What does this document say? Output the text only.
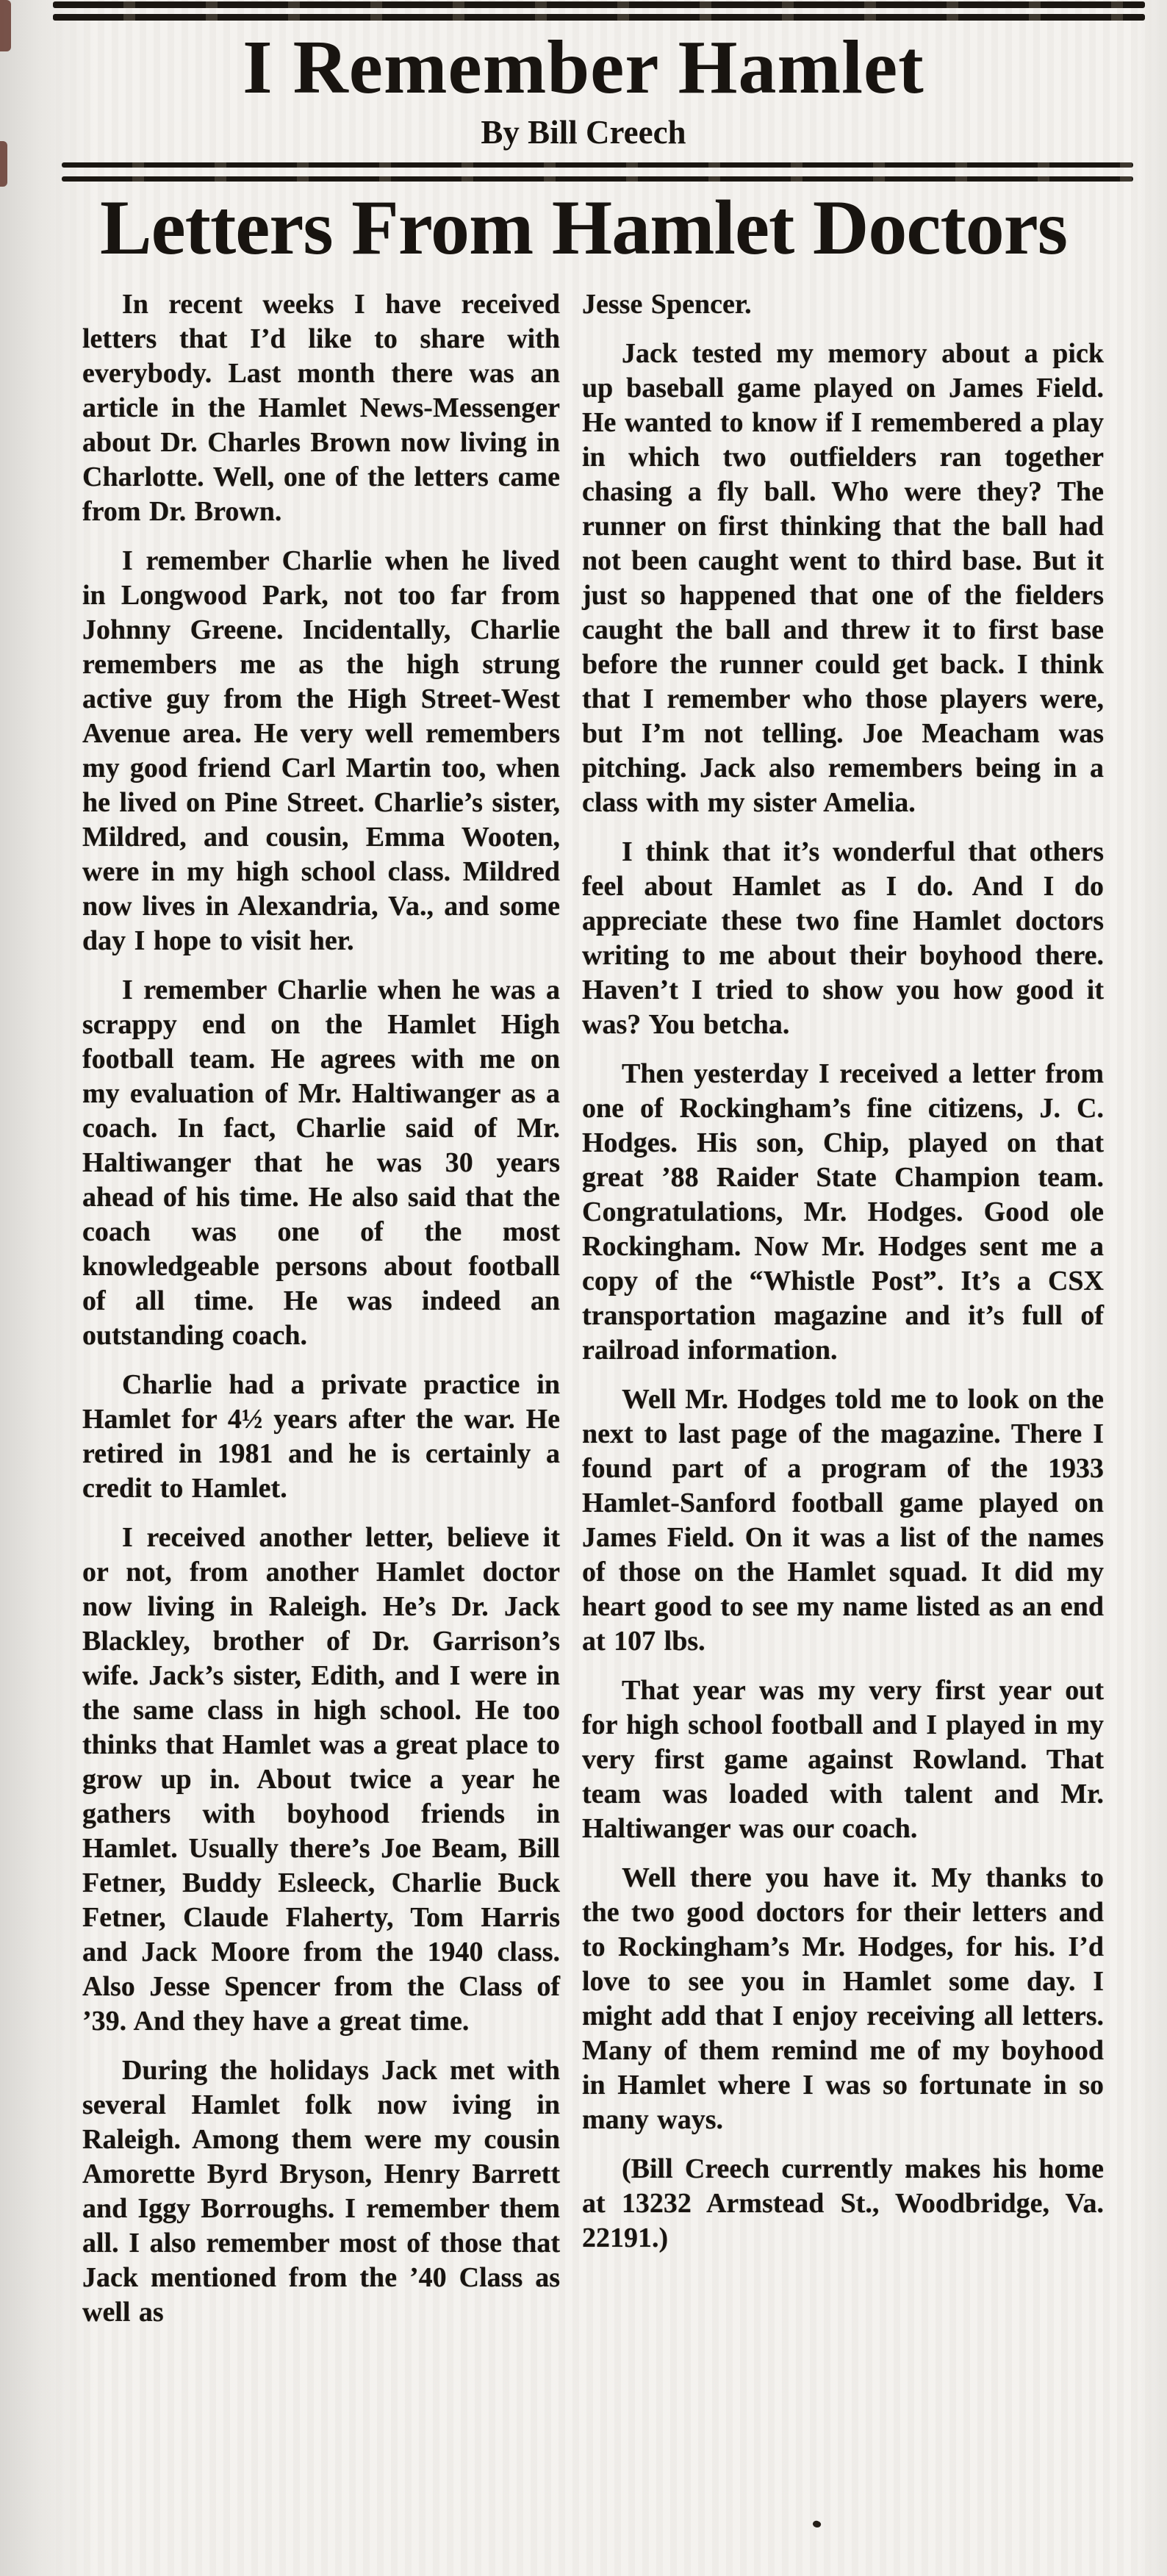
I Remember Hamlet
By Bill Creech
Letters From Hamlet Doctors

In recent weeks I have received letters that I’d like to share with everybody. Last month there was an article in the Hamlet News-Messenger about Dr. Charles Brown now living in Charlotte. Well, one of the letters came from Dr. Brown.

I remember Charlie when he lived in Longwood Park, not too far from Johnny Greene. Incidentally, Charlie remembers me as the high strung active guy from the High Street-West Avenue area. He very well remembers my good friend Carl Martin too, when he lived on Pine Street. Charlie’s sister, Mildred, and cousin, Emma Wooten, were in my high school class. Mildred now lives in Alexandria, Va., and some day I hope to visit her.

I remember Charlie when he was a scrappy end on the Hamlet High football team. He agrees with me on my evaluation of Mr. Haltiwanger as a coach. In fact, Charlie said of Mr. Haltiwanger that he was 30 years ahead of his time. He also said that the coach was one of the most knowledgeable persons about football of all time. He was indeed an outstanding coach.

Charlie had a private practice in Hamlet for 4½ years after the war. He retired in 1981 and he is certainly a credit to Hamlet.

I received another letter, believe it or not, from another Hamlet doctor now living in Raleigh. He’s Dr. Jack Blackley, brother of Dr. Garrison’s wife. Jack’s sister, Edith, and I were in the same class in high school. He too thinks that Hamlet was a great place to grow up in. About twice a year he gathers with boyhood friends in Hamlet. Usually there’s Joe Beam, Bill Fetner, Buddy Esleeck, Charlie Buck Fetner, Claude Flaherty, Tom Harris and Jack Moore from the 1940 class. Also Jesse Spencer from the Class of ’39. And they have a great time.

During the holidays Jack met with several Hamlet folk now iving in Raleigh. Among them were my cousin Amorette Byrd Bryson, Henry Barrett and Iggy Borroughs. I remember them all. I also remember most of those that Jack mentioned from the ’40 Class as well as

Jesse Spencer.

Jack tested my memory about a pick up baseball game played on James Field. He wanted to know if I remembered a play in which two outfielders ran together chasing a fly ball. Who were they? The runner on first thinking that the ball had not been caught went to third base. But it just so happened that one of the fielders caught the ball and threw it to first base before the runner could get back. I think that I remember who those players were, but I’m not telling. Joe Meacham was pitching. Jack also remembers being in a class with my sister Amelia.

I think that it’s wonderful that others feel about Hamlet as I do. And I do appreciate these two fine Hamlet doctors writing to me about their boyhood there. Haven’t I tried to show you how good it was? You betcha.

Then yesterday I received a letter from one of Rockingham’s fine citizens, J. C. Hodges. His son, Chip, played on that great ’88 Raider State Champion team. Congratulations, Mr. Hodges. Good ole Rockingham. Now Mr. Hodges sent me a copy of the “Whistle Post”. It’s a CSX transportation magazine and it’s full of railroad information.

Well Mr. Hodges told me to look on the next to last page of the magazine. There I found part of a program of the 1933 Hamlet-Sanford football game played on James Field. On it was a list of the names of those on the Hamlet squad. It did my heart good to see my name listed as an end at 107 lbs.

That year was my very first year out for high school football and I played in my very first game against Rowland. That team was loaded with talent and Mr. Haltiwanger was our coach.

Well there you have it. My thanks to the two good doctors for their letters and to Rockingham’s Mr. Hodges, for his. I’d love to see you in Hamlet some day. I might add that I enjoy receiving all letters. Many of them remind me of my boyhood in Hamlet where I was so fortunate in so many ways.

(Bill Creech currently makes his home at 13232 Armstead St., Woodbridge, Va. 22191.)
